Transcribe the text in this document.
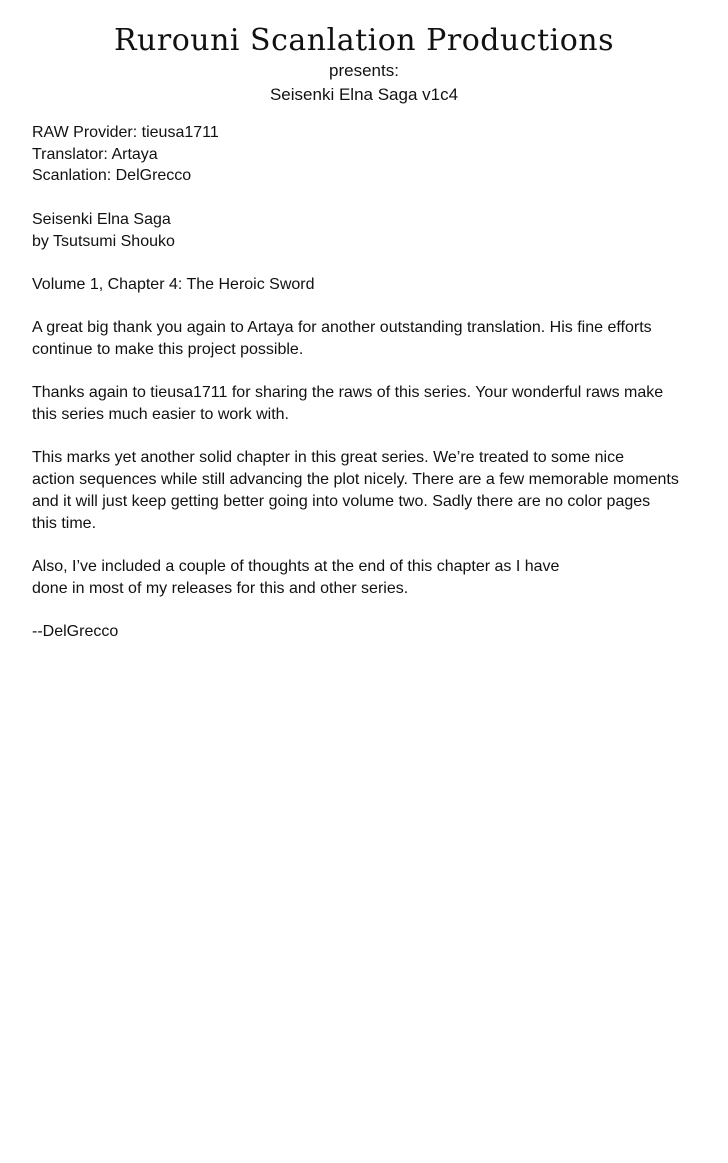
Rurouni Scanlation Productions

presents:

Seisenki Elna Saga v1c4

RAW Provider: tieusa1711
Translator: Artaya
Scanlation: DelGrecco
Seisenki Elna Saga
by Tsutsumi Shouko
Volume 1, Chapter 4: The Heroic Sword
A great big thank you again to Artaya for another outstanding translation. His fine efforts
continue to make this project possible.
Thanks again to tieusa1711 for sharing the raws of this series. Your wonderful raws make
this series much easier to work with.
This marks yet another solid chapter in this great series. We’re treated to some nice
action sequences while still advancing the plot nicely. There are a few memorable moments
and it will just keep getting better going into volume two. Sadly there are no color pages
this time.
Also, I’ve included a couple of thoughts at the end of this chapter as I have
done in most of my releases for this and other series.
--DelGrecco
